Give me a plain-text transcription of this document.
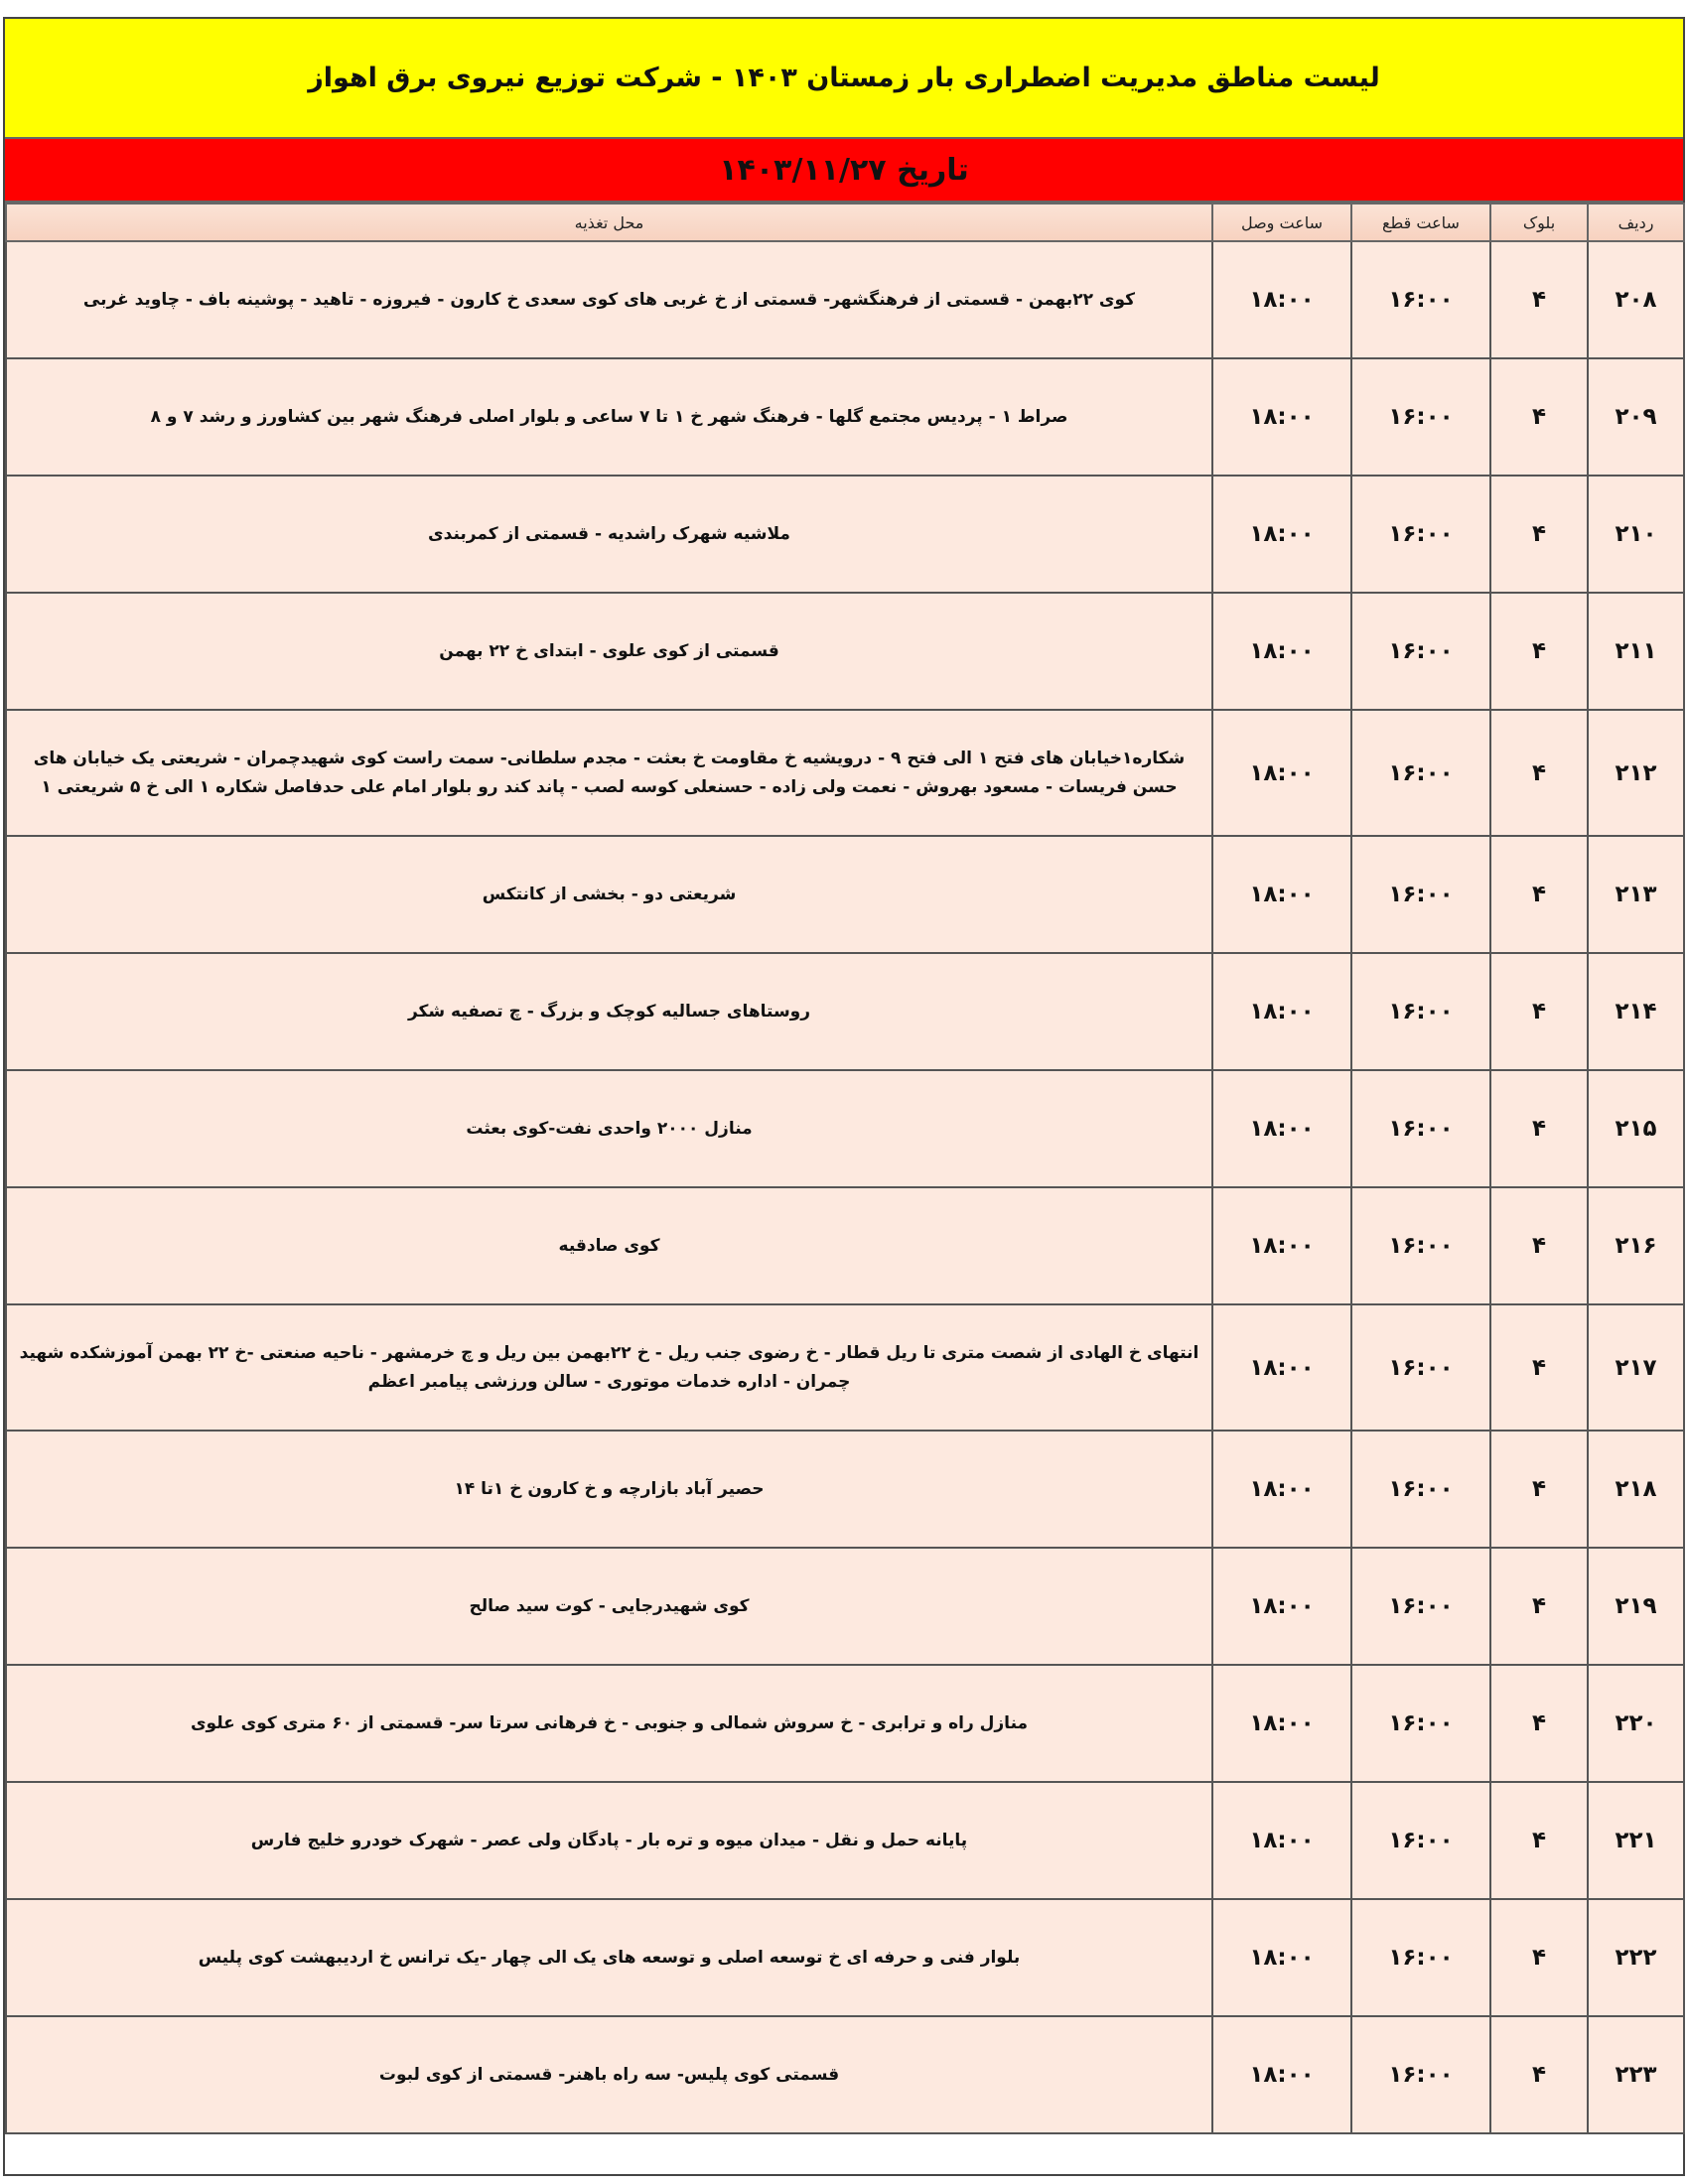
لیست مناطق مدیریت اضطراری بار زمستان ۱۴۰۳ - شرکت توزیع نیروی برق اهواز
تاریخ ۱۴۰۳/۱۱/۲۷
ردیف	بلوک	ساعت قطع	ساعت وصل	محل تغذیه
۲۰۸	۴	۱۶:۰۰	۱۸:۰۰	کوی ۲۲بهمن - قسمتی از فرهنگشهر- قسمتی از خ غربی های کوی سعدی خ کارون - فیروزه - تاهید - پوشینه باف - چاوید غربی
۲۰۹	۴	۱۶:۰۰	۱۸:۰۰	صراط ۱ - پردیس مجتمع گلها - فرهنگ شهر خ ۱ تا ۷ ساعی و بلوار اصلی فرهنگ شهر بین کشاورز و رشد ۷ و ۸
۲۱۰	۴	۱۶:۰۰	۱۸:۰۰	ملاشیه شهرک راشدیه - قسمتی از کمربندی
۲۱۱	۴	۱۶:۰۰	۱۸:۰۰	قسمتی از کوی علوی - ابتدای خ ۲۲ بهمن
۲۱۲	۴	۱۶:۰۰	۱۸:۰۰	شکاره۱خیابان های فتح ۱ الی فتح ۹ - درویشیه خ مقاومت خ بعثت - مجدم سلطانی- سمت راست کوی شهیدچمران - شریعتی یک خیابان های حسن فریسات - مسعود بهروش - نعمت ولی زاده - حسنعلی کوسه لصب - پاند کند رو بلوار امام علی حدفاصل شکاره ۱ الی خ ۵ شریعتی ۱
۲۱۳	۴	۱۶:۰۰	۱۸:۰۰	شریعتی دو - بخشی از کانتکس
۲۱۴	۴	۱۶:۰۰	۱۸:۰۰	روستاهای جسالیه کوچک و بزرگ - چ تصفیه شکر
۲۱۵	۴	۱۶:۰۰	۱۸:۰۰	منازل ۲۰۰۰ واحدی نفت-کوی بعثت
۲۱۶	۴	۱۶:۰۰	۱۸:۰۰	کوی صادقیه
۲۱۷	۴	۱۶:۰۰	۱۸:۰۰	انتهای خ الهادی از شصت متری تا ریل قطار - خ رضوی جنب ریل - خ ۲۲بهمن بین ریل و چ خرمشهر - ناحیه صنعتی -خ ۲۲ بهمن آموزشکده شهید چمران - اداره خدمات موتوری - سالن ورزشی پیامبر اعظم
۲۱۸	۴	۱۶:۰۰	۱۸:۰۰	حصیر آباد بازارچه و خ کارون خ ۱تا ۱۴
۲۱۹	۴	۱۶:۰۰	۱۸:۰۰	کوی شهیدرجایی - کوت سید صالح
۲۲۰	۴	۱۶:۰۰	۱۸:۰۰	منازل راه و ترابری - خ سروش شمالی و جنوبی - خ فرهانی سرتا سر- قسمتی از ۶۰ متری کوی علوی
۲۲۱	۴	۱۶:۰۰	۱۸:۰۰	پایانه حمل و نقل - میدان میوه و تره بار - پادگان ولی عصر - شهرک خودرو خلیج فارس
۲۲۲	۴	۱۶:۰۰	۱۸:۰۰	بلوار فنی و حرفه ای خ توسعه اصلی و توسعه های یک الی چهار -یک ترانس خ اردیبهشت کوی پلیس
۲۲۳	۴	۱۶:۰۰	۱۸:۰۰	قسمتی کوی پلیس- سه راه باهنر- قسمتی از کوی لبوت
